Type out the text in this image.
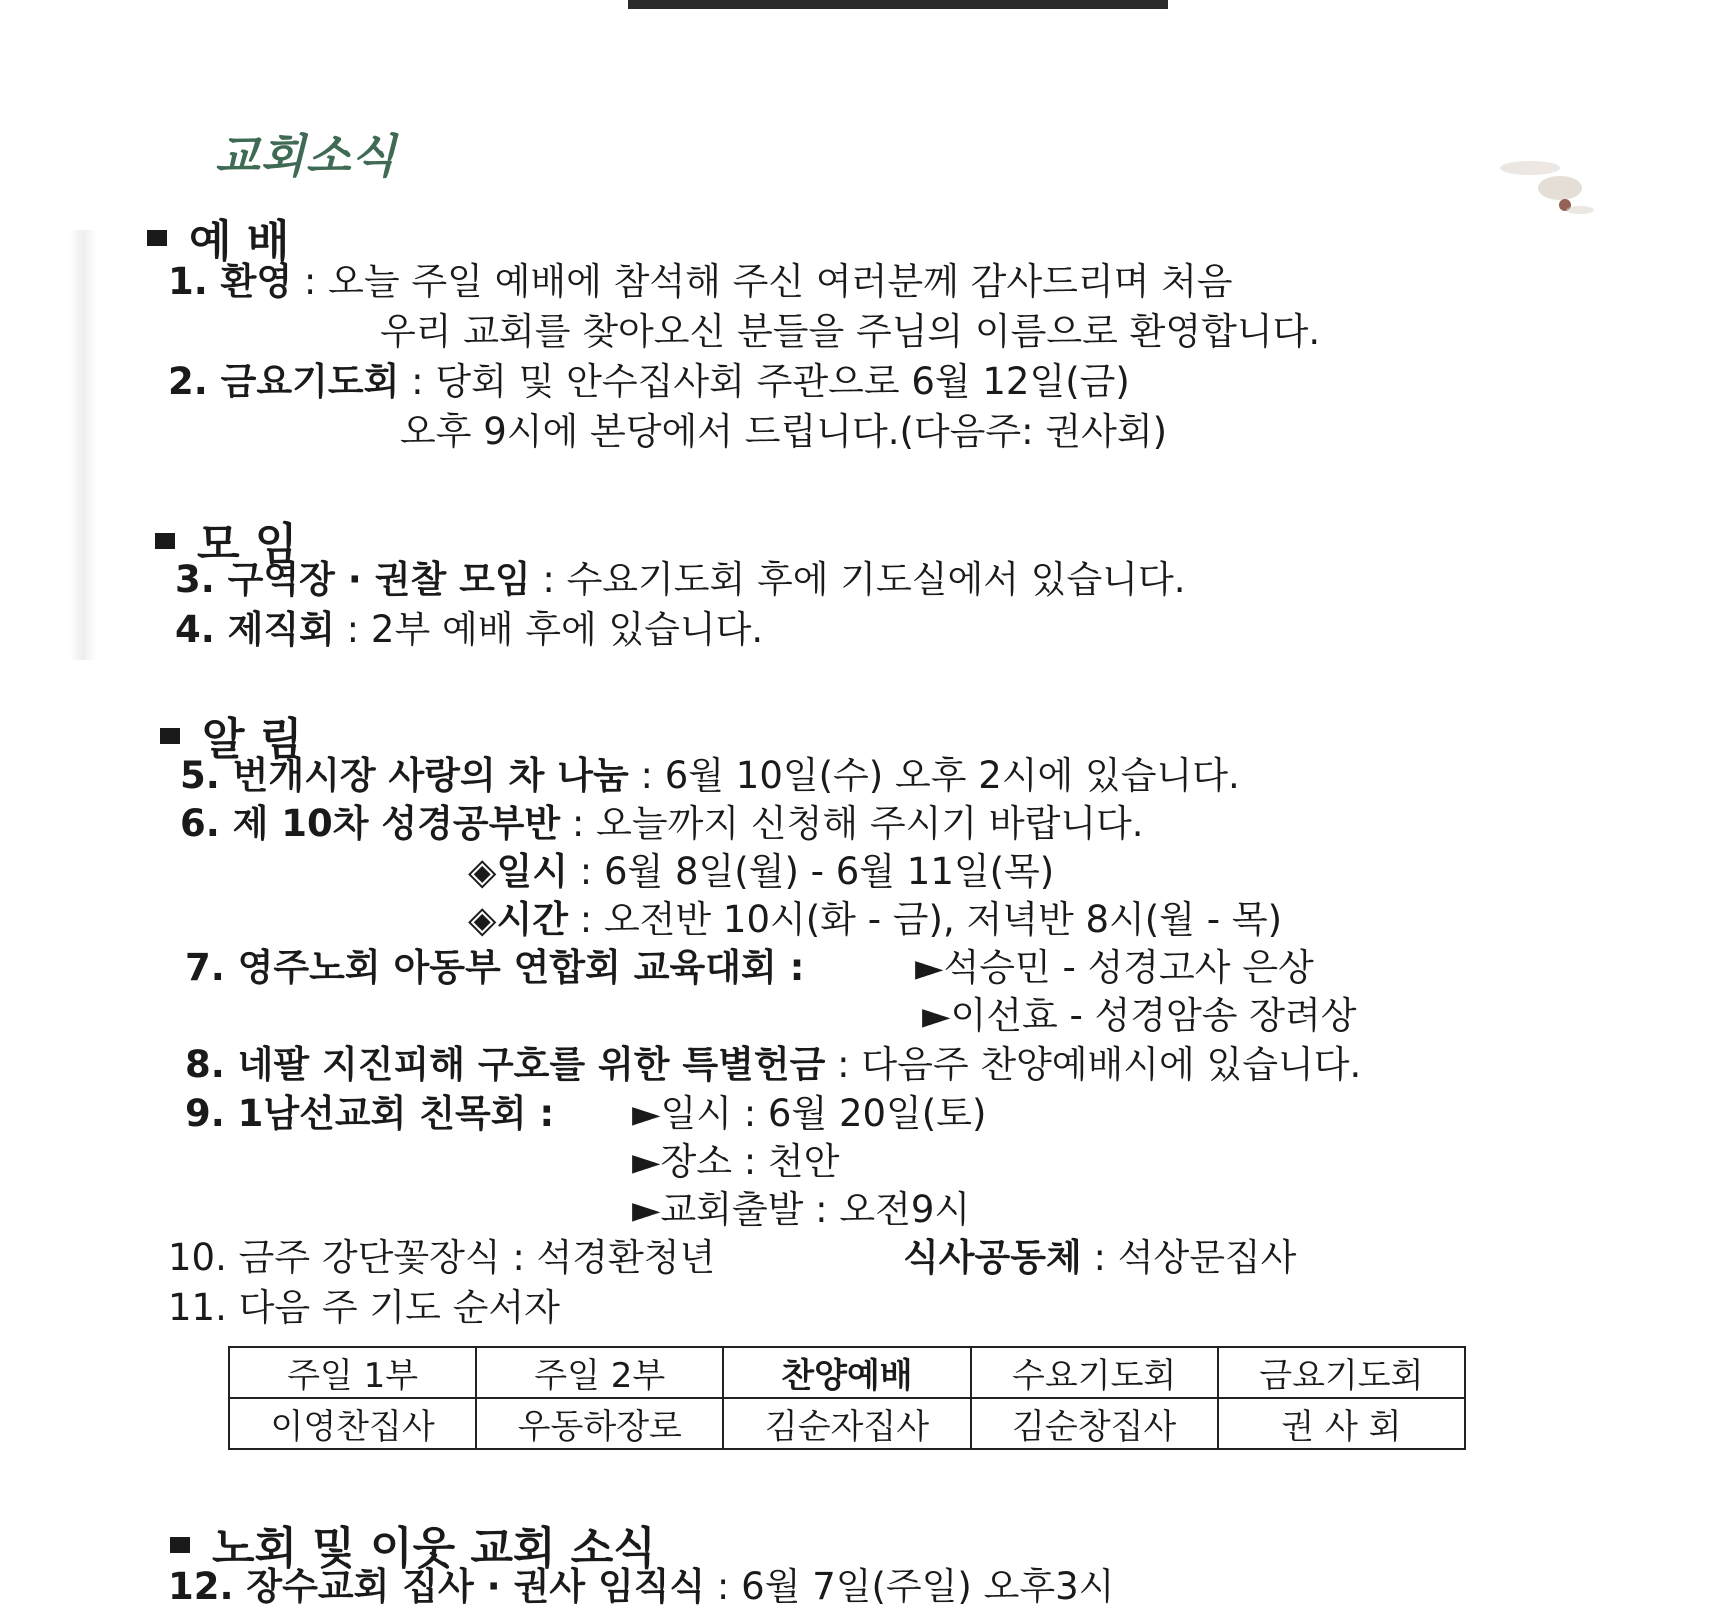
교회소식
예 배
1. 환영 : 오늘 주일 예배에 참석해 주신 여러분께 감사드리며 처음
우리 교회를 찾아오신 분들을 주님의 이름으로 환영합니다.
2. 금요기도회 : 당회 및 안수집사회 주관으로 6월 12일(금)
오후 9시에 본당에서 드립니다.(다음주: 권사회)
모 임
3. 구역장 · 권찰 모임 : 수요기도회 후에 기도실에서 있습니다.
4. 제직회 : 2부 예배 후에 있습니다.
알 림
5. 번개시장 사랑의 차 나눔 : 6월 10일(수) 오후 2시에 있습니다.
6. 제 10차 성경공부반 : 오늘까지 신청해 주시기 바랍니다.
◈일시 : 6월 8일(월) - 6월 11일(목)
◈시간 : 오전반 10시(화 - 금), 저녁반 8시(월 - 목)
7. 영주노회 아동부 연합회 교육대회 :	►석승민 - 성경고사 은상
►이선효 - 성경암송 장려상
8. 네팔 지진피해 구호를 위한 특별헌금 : 다음주 찬양예배시에 있습니다.
9. 1남선교회 친목회 : ►일시 : 6월 20일(토)
►장소 : 천안
►교회출발 : 오전9시
10. 금주 강단꽃장식 : 석경환청년	식사공동체 : 석상문집사
11. 다음 주 기도 순서자
주일 1부	주일 2부	찬양예배	수요기도회	금요기도회
이영찬집사	우동하장로	김순자집사	김순창집사	권 사 회
노회 및 이웃 교회 소식
12. 장수교회 집사 · 권사 임직식 : 6월 7일(주일) 오후3시
